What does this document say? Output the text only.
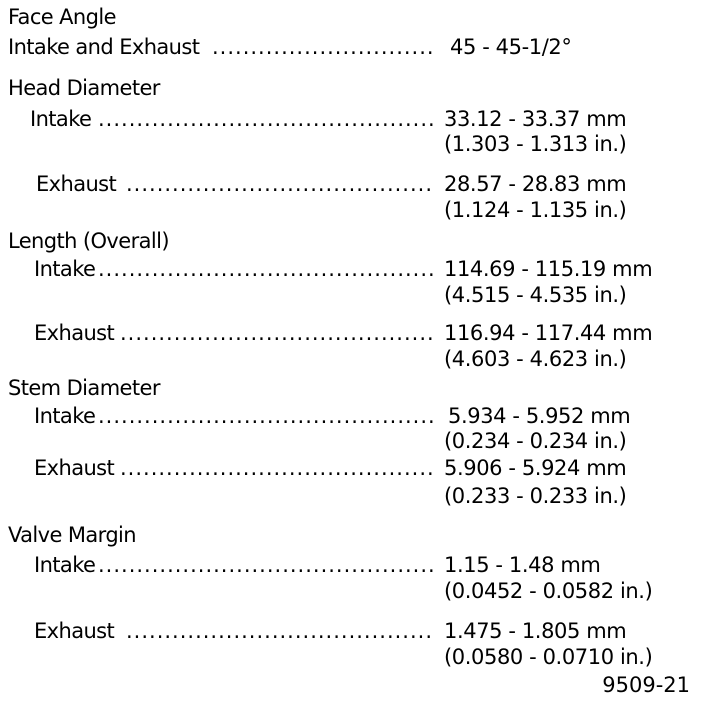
Face Angle
Intake and Exhaust .....	45 - 45-1/2°
Head Diameter
Intake .....	33.12 - 33.37 mm
(1.303 - 1.313 in.)
Exhaust .....	28.57 - 28.83 mm
(1.124 - 1.135 in.)
Length (Overall)
Intake .....	114.69 - 115.19 mm
(4.515 - 4.535 in.)
Exhaust .....	116.94 - 117.44 mm
(4.603 - 4.623 in.)
Stem Diameter
Intake .....	5.934 - 5.952 mm
(0.234 - 0.234 in.)
Exhaust .....	5.906 - 5.924 mm
(0.233 - 0.233 in.)
Valve Margin
Intake .....	1.15 - 1.48 mm
(0.0452 - 0.0582 in.)
Exhaust .....	1.475 - 1.805 mm
(0.0580 - 0.0710 in.)
9509-21
